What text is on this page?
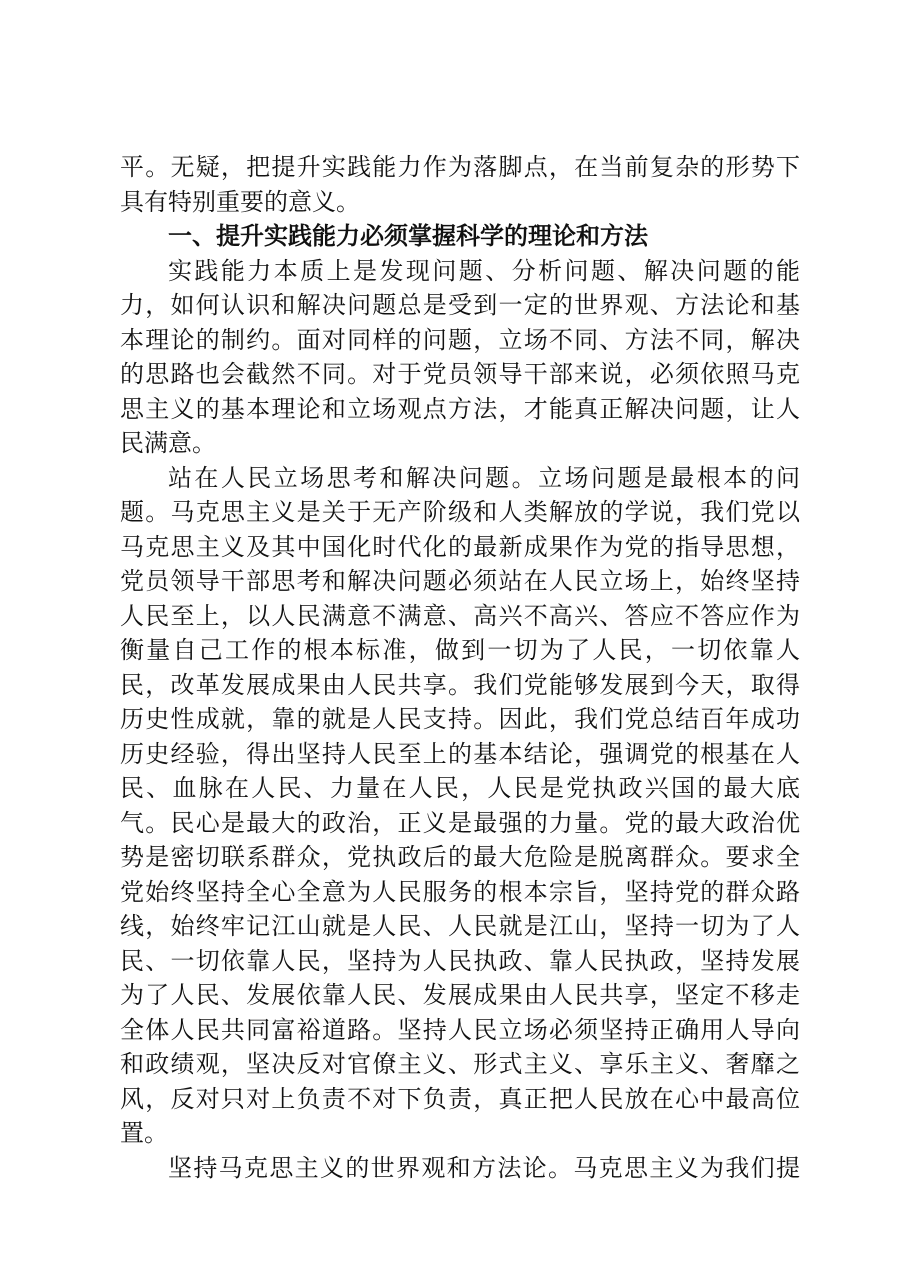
平。无疑，把提升实践能力作为落脚点，在当前复杂的形势下
具有特别重要的意义。
一、提升实践能力必须掌握科学的理论和方法
实践能力本质上是发现问题、分析问题、解决问题的能
力，如何认识和解决问题总是受到一定的世界观、方法论和基
本理论的制约。面对同样的问题，立场不同、方法不同，解决
的思路也会截然不同。对于党员领导干部来说，必须依照马克
思主义的基本理论和立场观点方法，才能真正解决问题，让人
民满意。
站在人民立场思考和解决问题。立场问题是最根本的问
题。马克思主义是关于无产阶级和人类解放的学说，我们党以
马克思主义及其中国化时代化的最新成果作为党的指导思想，
党员领导干部思考和解决问题必须站在人民立场上，始终坚持
人民至上，以人民满意不满意、高兴不高兴、答应不答应作为
衡量自己工作的根本标准，做到一切为了人民，一切依靠人
民，改革发展成果由人民共享。我们党能够发展到今天，取得
历史性成就，靠的就是人民支持。因此，我们党总结百年成功
历史经验，得出坚持人民至上的基本结论，强调党的根基在人
民、血脉在人民、力量在人民，人民是党执政兴国的最大底
气。民心是最大的政治，正义是最强的力量。党的最大政治优
势是密切联系群众，党执政后的最大危险是脱离群众。要求全
党始终坚持全心全意为人民服务的根本宗旨，坚持党的群众路
线，始终牢记江山就是人民、人民就是江山，坚持一切为了人
民、一切依靠人民，坚持为人民执政、靠人民执政，坚持发展
为了人民、发展依靠人民、发展成果由人民共享，坚定不移走
全体人民共同富裕道路。坚持人民立场必须坚持正确用人导向
和政绩观，坚决反对官僚主义、形式主义、享乐主义、奢靡之
风，反对只对上负责不对下负责，真正把人民放在心中最高位
置。
坚持马克思主义的世界观和方法论。马克思主义为我们提
